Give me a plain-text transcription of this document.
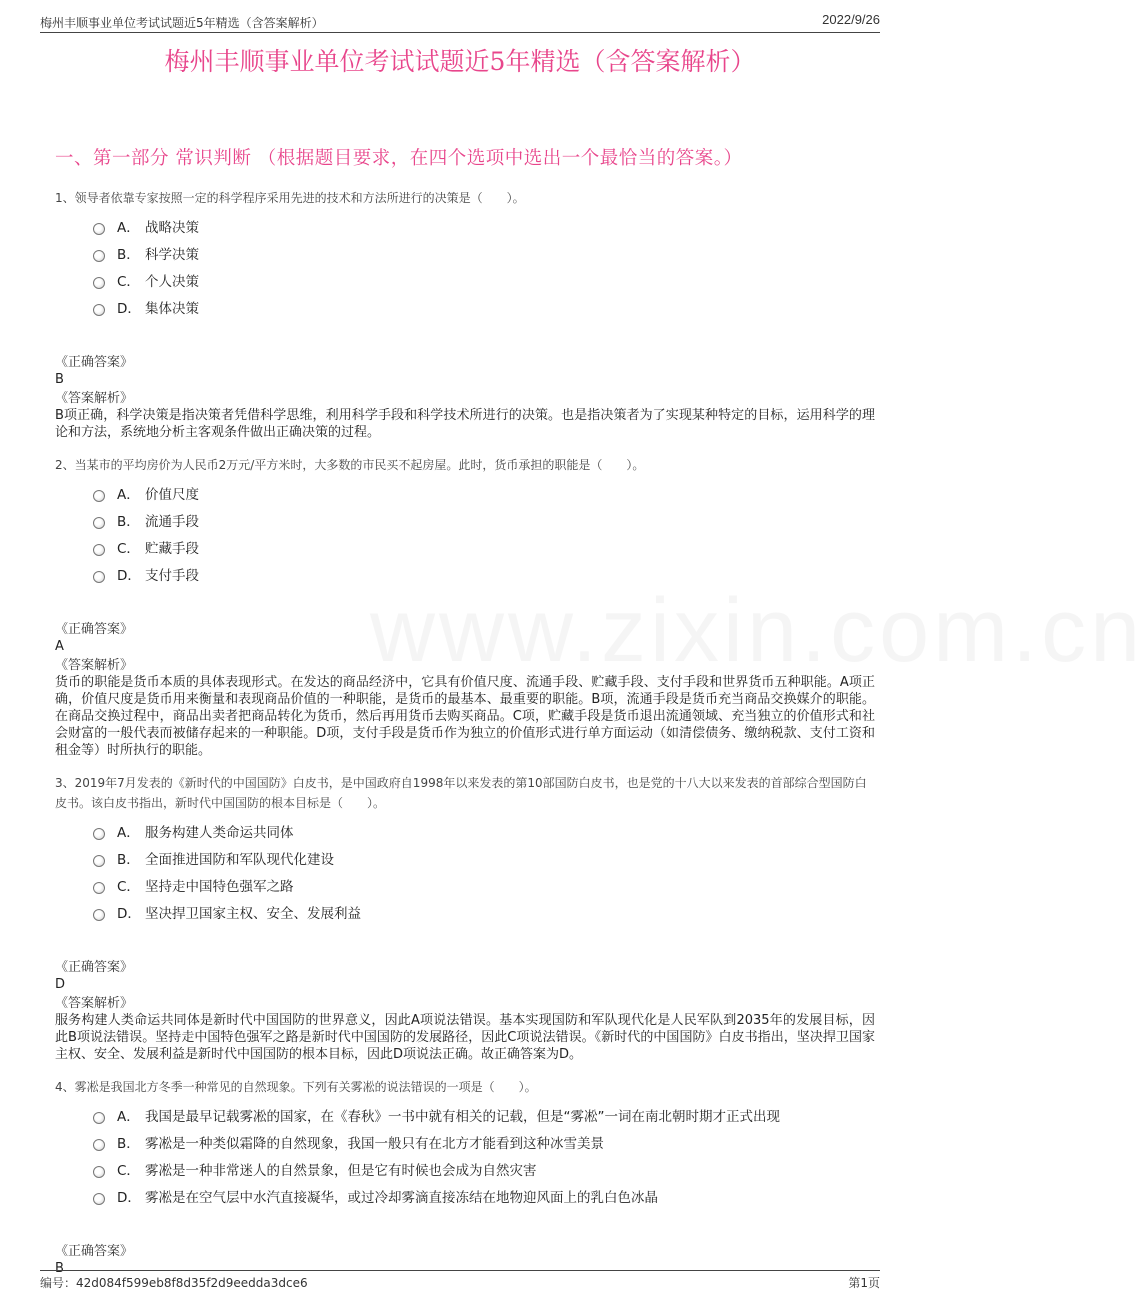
梅州丰顺事业单位考试试题近5年精选（含答案解析）	2022/9/26
梅州丰顺事业单位考试试题近5年精选（含答案解析）
一、第一部分 常识判断 （根据题目要求，在四个选项中选出一个最恰当的答案。）
www.zixin.com.cn
1、领导者依靠专家按照一定的科学程序采用先进的技术和方法所进行的决策是（　　）。
A． 战略决策
B． 科学决策
C． 个人决策
D． 集体决策
《正确答案》
B
《答案解析》
B项正确，科学决策是指决策者凭借科学思维，利用科学手段和科学技术所进行的决策。也是指决策者为了实现某种特定的目标，运用科学的理论和方法，系统地分析主客观条件做出正确决策的过程。
2、当某市的平均房价为人民币2万元/平方米时，大多数的市民买不起房屋。此时，货币承担的职能是（　　）。
A． 价值尺度
B． 流通手段
C． 贮藏手段
D． 支付手段
《正确答案》
A
《答案解析》
货币的职能是货币本质的具体表现形式。在发达的商品经济中，它具有价值尺度、流通手段、贮藏手段、支付手段和世界货币五种职能。A项正确，价值尺度是货币用来衡量和表现商品价值的一种职能，是货币的最基本、最重要的职能。B项，流通手段是货币充当商品交换媒介的职能。在商品交换过程中，商品出卖者把商品转化为货币，然后再用货币去购买商品。C项，贮藏手段是货币退出流通领域、充当独立的价值形式和社会财富的一般代表而被储存起来的一种职能。D项，支付手段是货币作为独立的价值形式进行单方面运动（如清偿债务、缴纳税款、支付工资和租金等）时所执行的职能。
3、2019年7月发表的《新时代的中国国防》白皮书，是中国政府自1998年以来发表的第10部国防白皮书，也是党的十八大以来发表的首部综合型国防白皮书。该白皮书指出，新时代中国国防的根本目标是（　　）。
A． 服务构建人类命运共同体
B． 全面推进国防和军队现代化建设
C． 坚持走中国特色强军之路
D． 坚决捍卫国家主权、安全、发展利益
《正确答案》
D
《答案解析》
服务构建人类命运共同体是新时代中国国防的世界意义，因此A项说法错误。基本实现国防和军队现代化是人民军队到2035年的发展目标，因此B项说法错误。坚持走中国特色强军之路是新时代中国国防的发展路径，因此C项说法错误。《新时代的中国国防》白皮书指出，坚决捍卫国家主权、安全、发展利益是新时代中国国防的根本目标，因此D项说法正确。故正确答案为D。
4、雾凇是我国北方冬季一种常见的自然现象。下列有关雾凇的说法错误的一项是（　　）。
A． 我国是最早记载雾凇的国家，在《春秋》一书中就有相关的记载，但是“雾凇”一词在南北朝时期才正式出现
B． 雾凇是一种类似霜降的自然现象，我国一般只有在北方才能看到这种冰雪美景
C． 雾凇是一种非常迷人的自然景象，但是它有时候也会成为自然灾害
D． 雾凇是在空气层中水汽直接凝华，或过冷却雾滴直接冻结在地物迎风面上的乳白色冰晶
《正确答案》
B
编号：42d084f599eb8f8d35f2d9eedda3dce6	第1页
